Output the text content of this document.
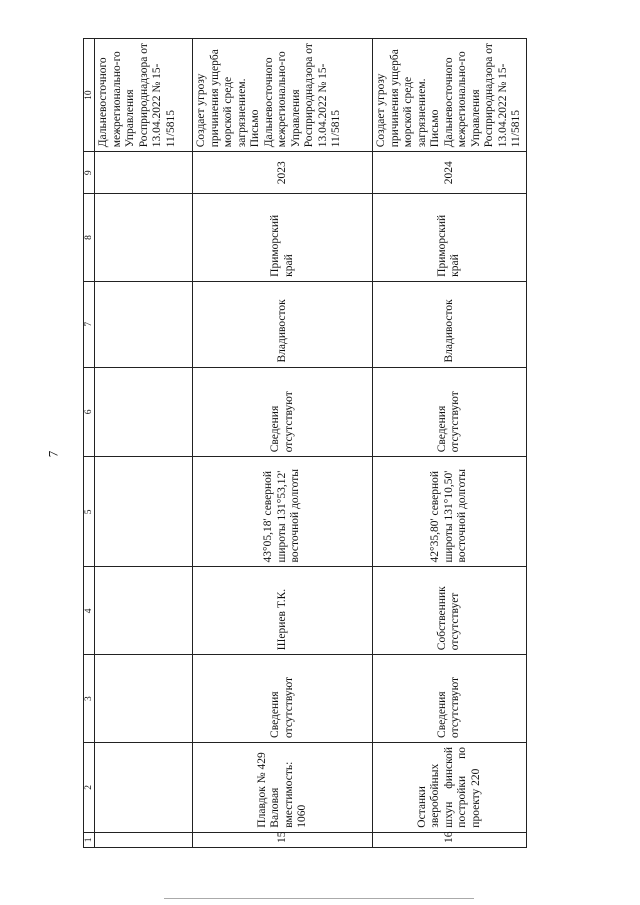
7
1	2	3	4	5	6	7	8	9	10
									Дальневосточного межрегионально-го Управления Росприроднадзора от 13.04.2022 № 15-11/5815
15	Плавдок № 429 Валовая вместимость: 1060	Сведения отсутствуют	Шериев Т.К.	43°05,18' северной широты 131°53,12' восточной долготы	Сведения отсутствуют	Владивосток	Приморский край	2023	Создает угрозу причинения ущерба морской среде загрязнением. Письмо Дальневосточного межрегионально-го Управления Росприроднадзора от 13.04.2022 № 15-11/5815
16	Останки зверобойных шхун финской постройки по проекту 220	Сведения отсутствуют	Собственник отсутствует	42°35,80' северной широты 131°10,50' восточной долготы	Сведения отсутствуют	Владивосток	Приморский край	2024	Создает угрозу причинения ущерба морской среде загрязнением. Письмо Дальневосточного межрегионально-го Управления Росприроднадзора от 13.04.2022 № 15-11/5815
